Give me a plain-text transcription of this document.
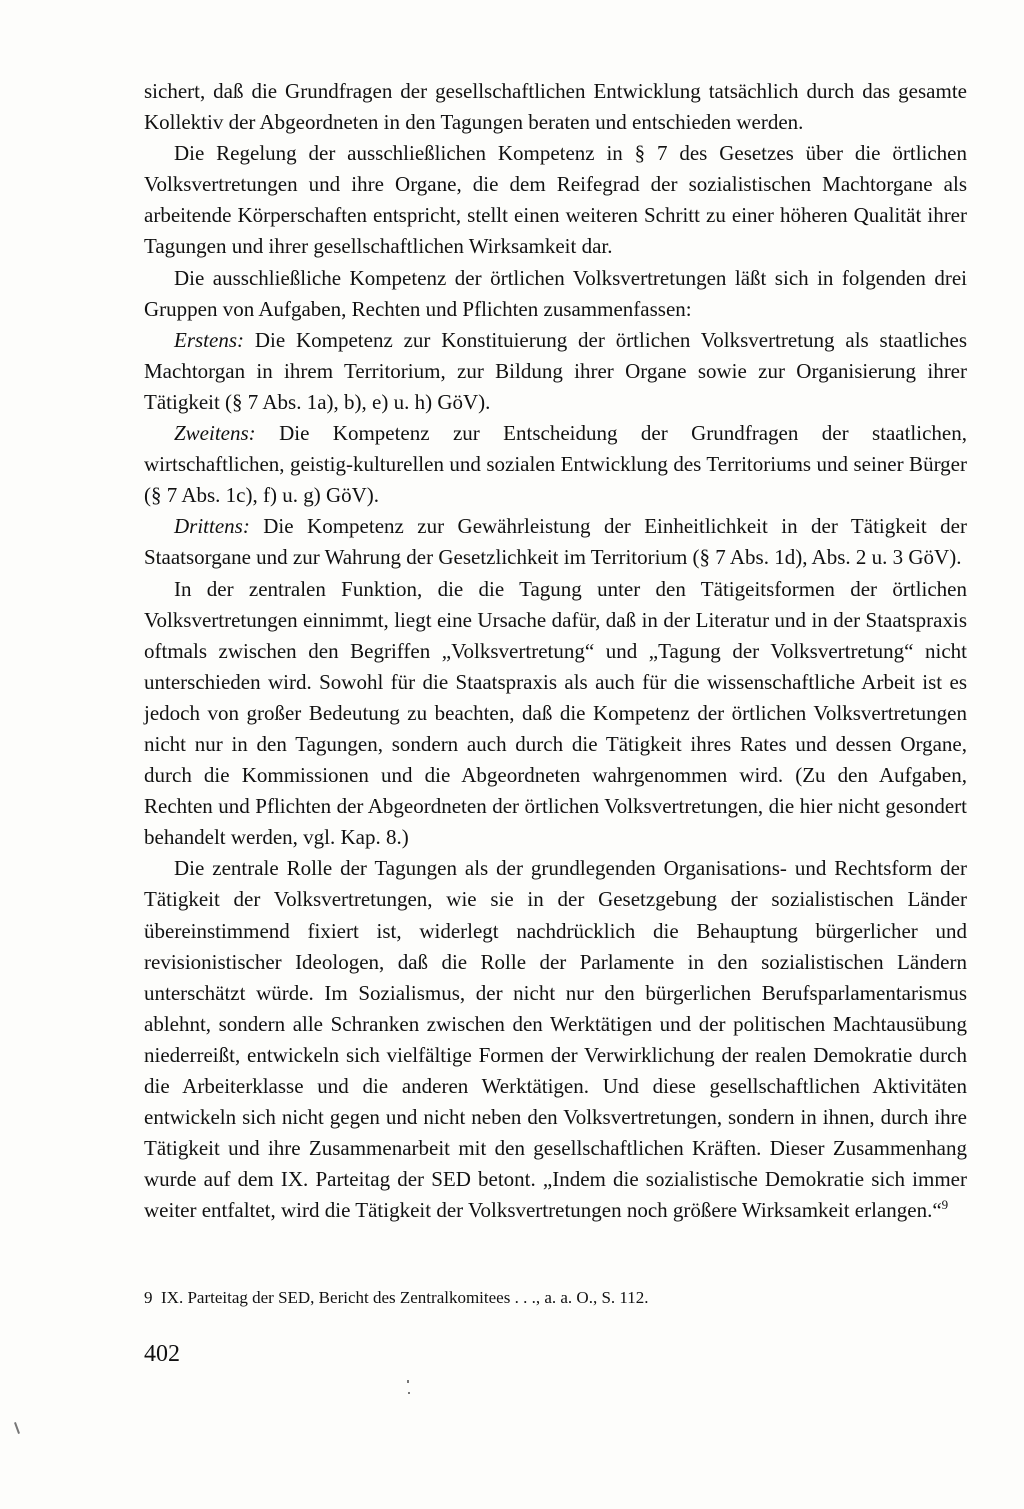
sichert, daß die Grundfragen der gesellschaftlichen Entwicklung tatsächlich durch das gesamte Kollektiv der Abgeordneten in den Tagungen beraten und entschieden werden.

Die Regelung der ausschließlichen Kompetenz in § 7 des Gesetzes über die örtlichen Volksvertretungen und ihre Organe, die dem Reifegrad der sozialistischen Machtorgane als arbeitende Körperschaften entspricht, stellt einen weiteren Schritt zu einer höheren Qualität ihrer Tagungen und ihrer gesellschaftlichen Wirksamkeit dar.

Die ausschließliche Kompetenz der örtlichen Volksvertretungen läßt sich in folgenden drei Gruppen von Aufgaben, Rechten und Pflichten zusammenfassen:

Erstens: Die Kompetenz zur Konstituierung der örtlichen Volksvertretung als staatliches Machtorgan in ihrem Territorium, zur Bildung ihrer Organe sowie zur Organisierung ihrer Tätigkeit (§ 7 Abs. 1a), b), e) u. h) GöV).

Zweitens: Die Kompetenz zur Entscheidung der Grundfragen der staatlichen, wirtschaftlichen, geistig-kulturellen und sozialen Entwicklung des Territoriums und seiner Bürger (§ 7 Abs. 1c), f) u. g) GöV).

Drittens: Die Kompetenz zur Gewährleistung der Einheitlichkeit in der Tätigkeit der Staatsorgane und zur Wahrung der Gesetzlichkeit im Territorium (§ 7 Abs. 1d), Abs. 2 u. 3 GöV).

In der zentralen Funktion, die die Tagung unter den Tätigeitsformen der örtlichen Volksvertretungen einnimmt, liegt eine Ursache dafür, daß in der Literatur und in der Staatspraxis oftmals zwischen den Begriffen „Volksvertretung“ und „Tagung der Volksvertretung“ nicht unterschieden wird. Sowohl für die Staatspraxis als auch für die wissenschaftliche Arbeit ist es jedoch von großer Bedeutung zu beachten, daß die Kompetenz der örtlichen Volksvertretungen nicht nur in den Tagungen, sondern auch durch die Tätigkeit ihres Rates und dessen Organe, durch die Kommissionen und die Abgeordneten wahrgenommen wird. (Zu den Aufgaben, Rechten und Pflichten der Abgeordneten der örtlichen Volksvertretungen, die hier nicht gesondert behandelt werden, vgl. Kap. 8.)

Die zentrale Rolle der Tagungen als der grundlegenden Organisations- und Rechtsform der Tätigkeit der Volksvertretungen, wie sie in der Gesetzgebung der sozialistischen Länder übereinstimmend fixiert ist, widerlegt nachdrücklich die Behauptung bürgerlicher und revisionistischer Ideologen, daß die Rolle der Parlamente in den sozialistischen Ländern unterschätzt würde. Im Sozialismus, der nicht nur den bürgerlichen Berufsparlamentarismus ablehnt, sondern alle Schranken zwischen den Werktätigen und der politischen Machtausübung niederreißt, entwickeln sich vielfältige Formen der Verwirklichung der realen Demokratie durch die Arbeiterklasse und die anderen Werktätigen. Und diese gesellschaftlichen Aktivitäten entwickeln sich nicht gegen und nicht neben den Volksvertretungen, sondern in ihnen, durch ihre Tätigkeit und ihre Zusammenarbeit mit den gesellschaftlichen Kräften. Dieser Zusammenhang wurde auf dem IX. Parteitag der SED betont. „Indem die sozialistische Demokratie sich immer weiter entfaltet, wird die Tätigkeit der Volksvertretungen noch größere Wirksamkeit erlangen.“$^9$

9 IX. Parteitag der SED, Bericht des Zentralkomitees . . ., a. a. O., S. 112.
402
